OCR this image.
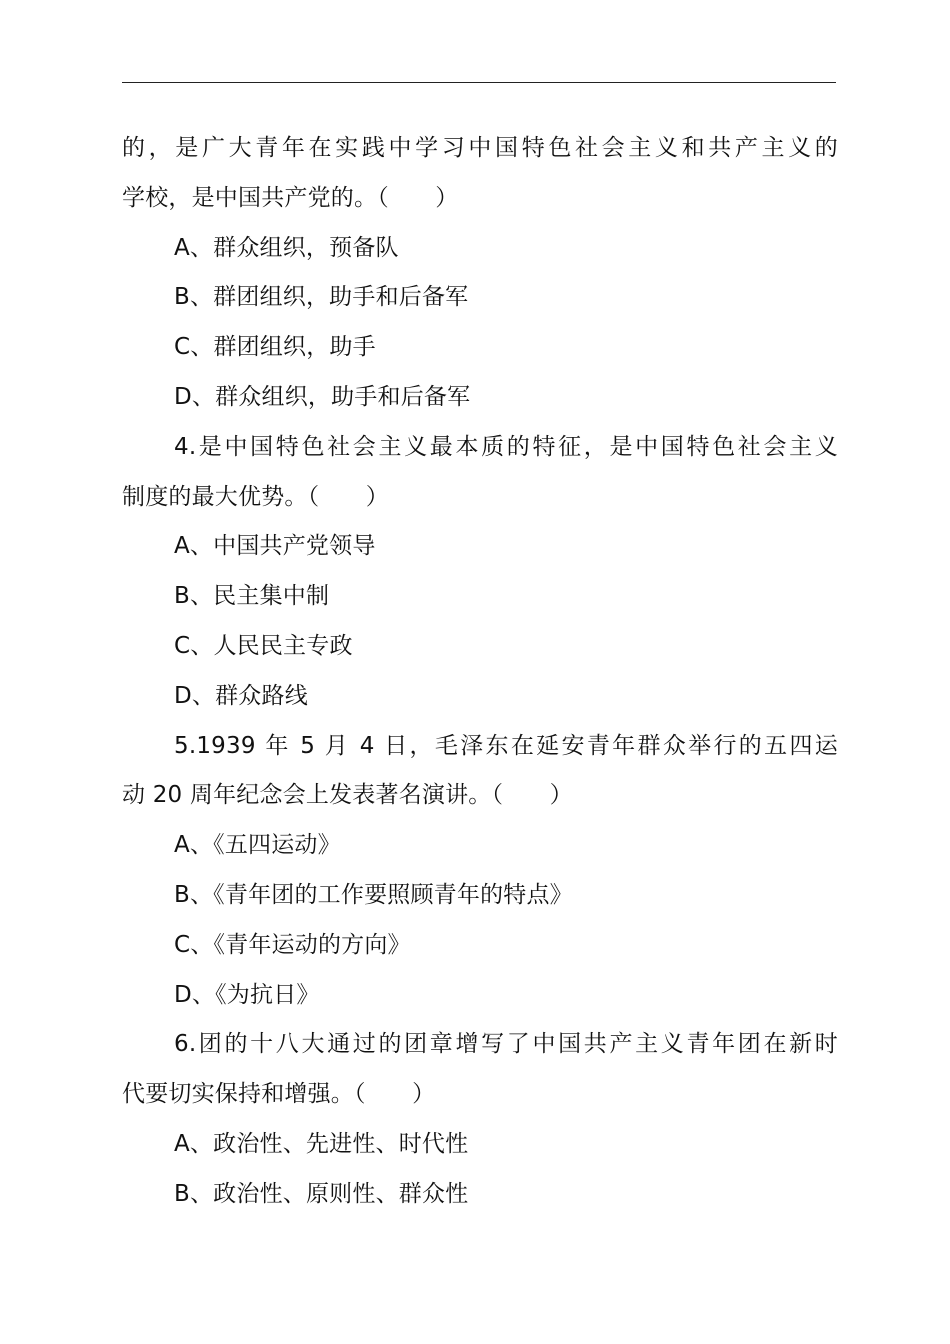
的，是广大青年在实践中学习中国特色社会主义和共产主义的
学校，是中国共产党的。（　　）
A、群众组织，预备队
B、群团组织，助手和后备军
C、群团组织，助手
D、群众组织，助手和后备军
4.是中国特色社会主义最本质的特征，是中国特色社会主义
制度的最大优势。（　　）
A、中国共产党领导
B、民主集中制
C、人民民主专政
D、群众路线
5.1939 年 5 月 4 日，毛泽东在延安青年群众举行的五四运
动 20 周年纪念会上发表著名演讲。（　　）
A、《五四运动》
B、《青年团的工作要照顾青年的特点》
C、《青年运动的方向》
D、《为抗日》
6.团的十八大通过的团章增写了中国共产主义青年团在新时
代要切实保持和增强。（　　）
A、政治性、先进性、时代性
B、政治性、原则性、群众性
